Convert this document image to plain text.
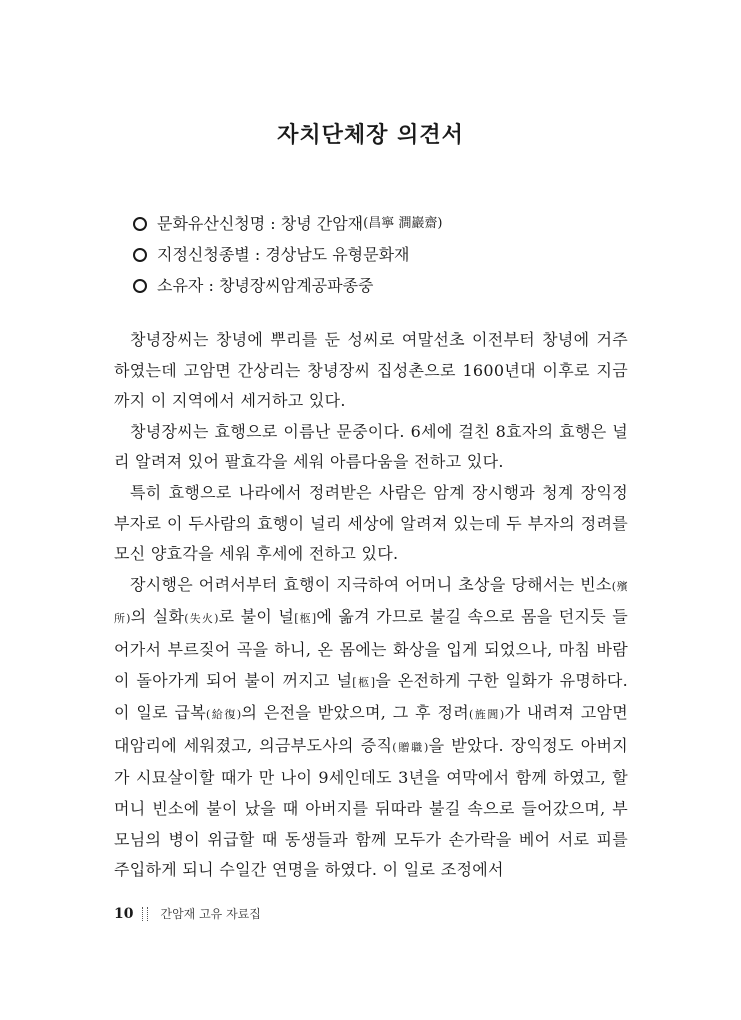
자치단체장 의견서
문화유산신청명 : 창녕 간암재 (昌寧 澗巖齋)
지정신청종별 : 경상남도 유형문화재
소유자 : 창녕장씨암계공파종중

창녕장씨는 창녕에 뿌리를 둔 성씨로 여말선초 이전부터 창녕에 거주하였는데 고암면 간상리는 창녕장씨 집성촌으로 1600년대 이후로 지금까지 이 지역에서 세거하고 있다.

창녕장씨는 효행으로 이름난 문중이다. 6세에 걸친 8효자의 효행은 널리 알려져 있어 팔효각을 세워 아름다움을 전하고 있다.

특히 효행으로 나라에서 정려받은 사람은 암계 장시행과 청계 장익정 부자로 이 두사람의 효행이 널리 세상에 알려져 있는데 두 부자의 정려를 모신 양효각을 세워 후세에 전하고 있다.

장시행은 어려서부터 효행이 지극하여 어머니 초상을 당해서는 빈소(殯所)의 실화(失火)로 불이 널[柩]에 옮겨 가므로 불길 속으로 몸을 던지듯 들어가서 부르짖어 곡을 하니, 온 몸에는 화상을 입게 되었으나, 마침 바람이 돌아가게 되어 불이 꺼지고 널[柩]을 온전하게 구한 일화가 유명하다. 이 일로 급복(給復)의 은전을 받았으며, 그 후 정려(旌閭)가 내려져 고암면 대암리에 세워졌고, 의금부도사의 증직(贈職)을 받았다. 장익정도 아버지가 시묘살이할 때가 만 나이 9세인데도 3년을 여막에서 함께 하였고, 할머니 빈소에 불이 났을 때 아버지를 뒤따라 불길 속으로 들어갔으며, 부모님의 병이 위급할 때 동생들과 함께 모두가 손가락을 베어 서로 피를 주입하게 되니 수일간 연명을 하였다. 이 일로 조정에서

10 간암재 고유 자료집
